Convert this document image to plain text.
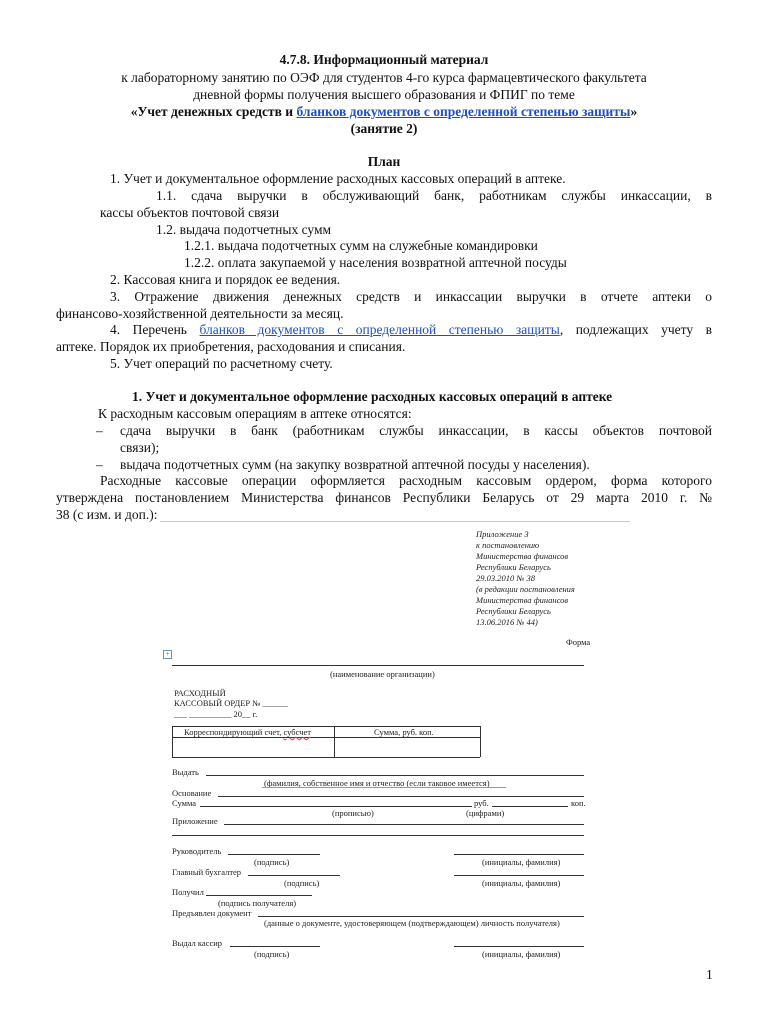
4.7.8. Информационный материал
к лабораторному занятию по ОЭФ для студентов 4-го курса фармацевтического факультета
дневной формы получения высшего образования и ФПИГ по теме
«Учет денежных средств и бланков документов с определенной степенью защиты»
(занятие 2)
План
1. Учет и документальное оформление расходных кассовых операций в аптеке.
1.1. сдача выручки в обслуживающий банк, работникам службы инкассации, в
кассы объектов почтовой связи
1.2. выдача подотчетных сумм
1.2.1. выдача подотчетных сумм на служебные командировки
1.2.2. оплата закупаемой у населения возвратной аптечной посуды
2. Кассовая книга и порядок ее ведения.
3. Отражение движения денежных средств и инкассации выручки в отчете аптеки о
финансово-хозяйственной деятельности за месяц.
4. Перечень бланков документов с определенной степенью защиты, подлежащих учету в
аптеке. Порядок их приобретения, расходования и списания.
5. Учет операций по расчетному счету.
1. Учет и документальное оформление расходных кассовых операций в аптеке
К расходным кассовым операциям в аптеке относятся:
– сдача выручки в банк (работникам службы инкассации, в кассы объектов почтовой
связи);
– выдача подотчетных сумм (на закупку возвратной аптечной посуды у населения).
Расходные кассовые операции оформляется расходным кассовым ордером, форма которого
утверждена постановлением Министерства финансов Республики Беларусь от 29 марта 2010 г. №
38 (с изм. и доп.):
Приложение 3
к постановлению
Министерства финансов
Республики Беларусь
29.03.2010 № 38
(в редакции постановления
Министерства финансов
Республики Беларусь
13.06.2016 № 44)
Форма
+
(наименование организации)
РАСХОДНЫЙ
КАССОВЫЙ ОРДЕР № ______
___ __________ 20__ г.
Корреспондирующий счет, субсчет	Сумма, руб. коп.
Выдать
(фамилия, собственное имя и отчество (если таковое имеется)
Основание
Сумма	руб.	коп.
(прописью)	(цифрами)
Приложение
Руководитель
(подпись)	(инициалы, фамилия)
Главный бухгалтер
(подпись)	(инициалы, фамилия)
Получил
(подпись получателя)
Предъявлен документ
(данные о документе, удостоверяющем (подтверждающем) личность получателя)
Выдал кассир
(подпись)	(инициалы, фамилия)
1
